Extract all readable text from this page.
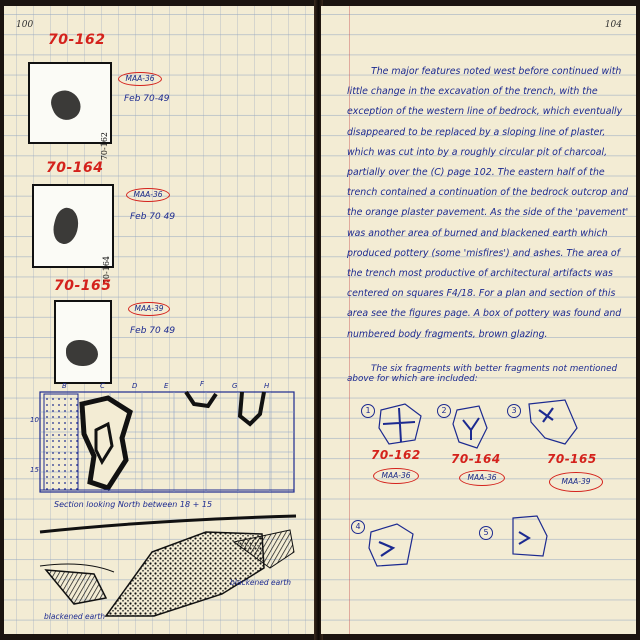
100
70-162
70-162
MAA-36
Feb 70-49
70-164
70-164
MAA-36
Feb 70 49
70-165
MAA-39
Feb 70 49
B	C	D	E	F	G	H
10
15
Section looking North between 18 + 15
blackened earth
blackened earth
104
The major features noted west before continued with little change in the excavation of the trench, with the exception of the western line of bedrock, which eventually disappeared to be replaced by a sloping line of plaster, which was cut into by a roughly circular pit of charcoal, partially over the (C) page 102. The eastern half of the trench contained a continuation of the bedrock outcrop and the orange plaster pavement. As the side of the 'pavement' was another area of burned and blackened earth which produced pottery (some 'misfires') and ashes. The area of the trench most productive of architectural artifacts was centered on squares F4/18. For a plan and section of this area see the figures page. A box of pottery was found and numbered body fragments, brown glazing.
The six fragments with better fragments not mentioned above for which are included:
1
70-162
MAA-36
2
70-164
MAA-36
3
70-165
MAA-39
4
5
